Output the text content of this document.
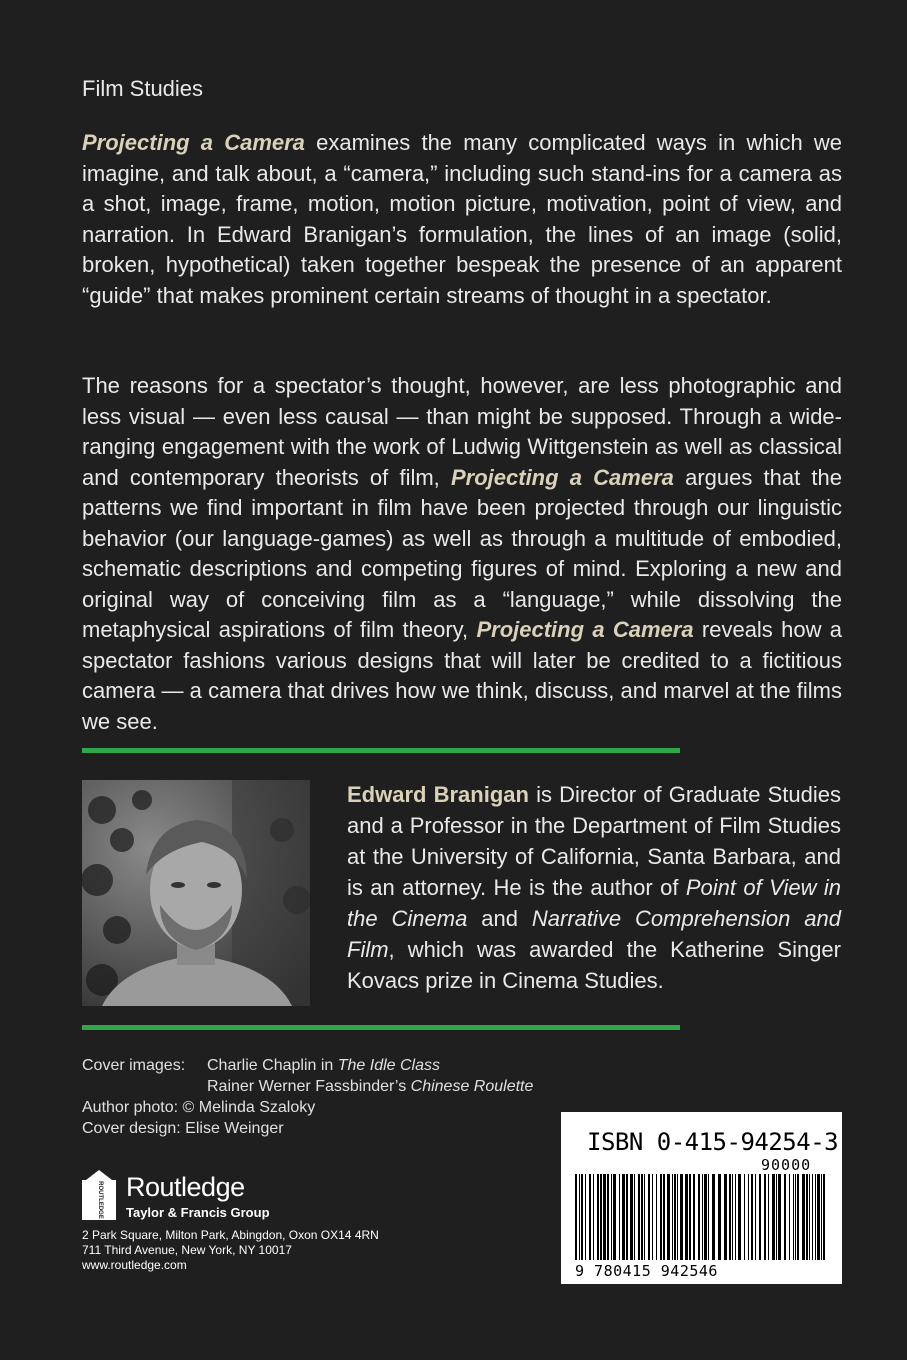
Film Studies
Projecting a Camera examines the many complicated ways in which we imagine, and talk about, a “camera,” including such stand-ins for a camera as a shot, image, frame, motion, motion picture, motivation, point of view, and narration. In Edward Branigan’s formulation, the lines of an image (solid, broken, hypothetical) taken together bespeak the presence of an apparent “guide” that makes prominent certain streams of thought in a spectator.
The reasons for a spectator’s thought, however, are less photographic and less visual — even less causal — than might be supposed. Through a wide-ranging engagement with the work of Ludwig Wittgenstein as well as classical and contemporary theorists of film, Projecting a Camera argues that the patterns we find important in film have been projected through our linguistic behavior (our language-games) as well as through a multitude of embodied, schematic descriptions and competing figures of mind. Exploring a new and original way of conceiving film as a “language,” while dissolving the metaphysical aspirations of film theory, Projecting a Camera reveals how a spectator fashions various designs that will later be credited to a fictitious camera — a camera that drives how we think, discuss, and marvel at the films we see.
Edward Branigan is Director of Graduate Studies and a Professor in the Department of Film Studies at the University of California, Santa Barbara, and is an attorney. He is the author of Point of View in the Cinema and Narrative Comprehension and Film, which was awarded the Katherine Singer Kovacs prize in Cinema Studies.
Cover images:	Charlie Chaplin in The Idle Class
Rainer Werner Fassbinder’s Chinese Roulette
Author photo: © Melinda Szaloky
Cover design: Elise Weinger
ROUTLEDGE Routledge
Taylor & Francis Group
2 Park Square, Milton Park, Abingdon, Oxon OX14 4RN
711 Third Avenue, New York, NY 10017
www.routledge.com
ISBN 0-415-94254-3
90000
9 780415 942546
